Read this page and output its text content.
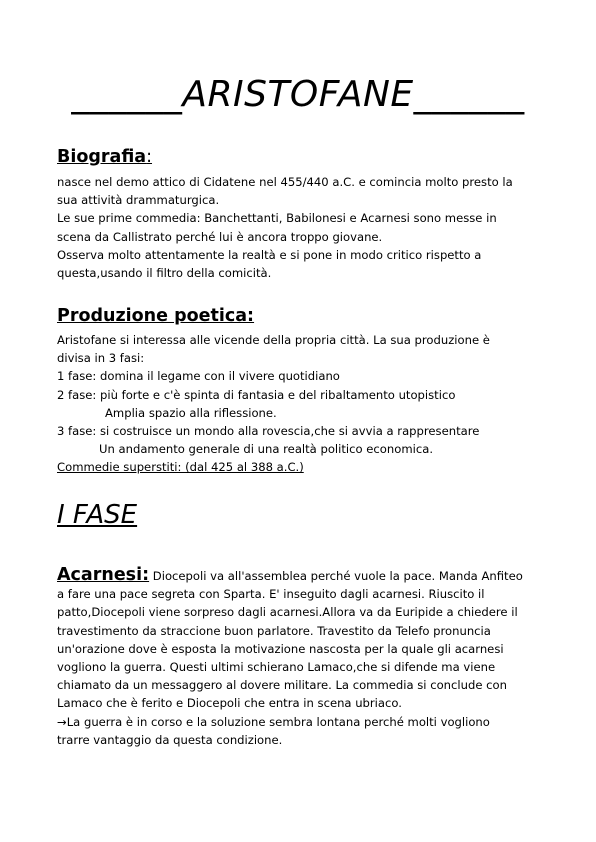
______ARISTOFANE______
Biografia:
nasce nel demo attico di Cidatene nel 455/440 a.C. e comincia molto presto la
sua attività drammaturgica.
Le sue prime commedia: Banchettanti, Babilonesi e Acarnesi sono messe in
scena da Callistrato perché lui è ancora troppo giovane.
Osserva molto attentamente la realtà e si pone in modo critico rispetto a
questa,usando il filtro della comicità.
Produzione poetica:
Aristofane si interessa alle vicende della propria città. La sua produzione è
divisa in 3 fasi:
1 fase: domina il legame con il vivere quotidiano
2 fase: più forte e c'è spinta di fantasia e del ribaltamento utopistico
Amplia spazio alla riflessione.
3 fase: si costruisce un mondo alla rovescia,che si avvia a rappresentare
Un andamento generale di una realtà politico economica.
Commedie superstiti: (dal 425 al 388 a.C.)
I FASE
Acarnesi: Diocepoli va all'assemblea perché vuole la pace. Manda Anfiteo
a fare una pace segreta con Sparta. E' inseguito dagli acarnesi. Riuscito il
patto,Diocepoli viene sorpreso dagli acarnesi.Allora va da Euripide a chiedere il
travestimento da straccione buon parlatore. Travestito da Telefo pronuncia
un'orazione dove è esposta la motivazione nascosta per la quale gli acarnesi
vogliono la guerra. Questi ultimi schierano Lamaco,che si difende ma viene
chiamato da un messaggero al dovere militare. La commedia si conclude con
Lamaco che è ferito e Diocepoli che entra in scena ubriaco.
→La guerra è in corso e la soluzione sembra lontana perché molti vogliono
trarre vantaggio da questa condizione.
